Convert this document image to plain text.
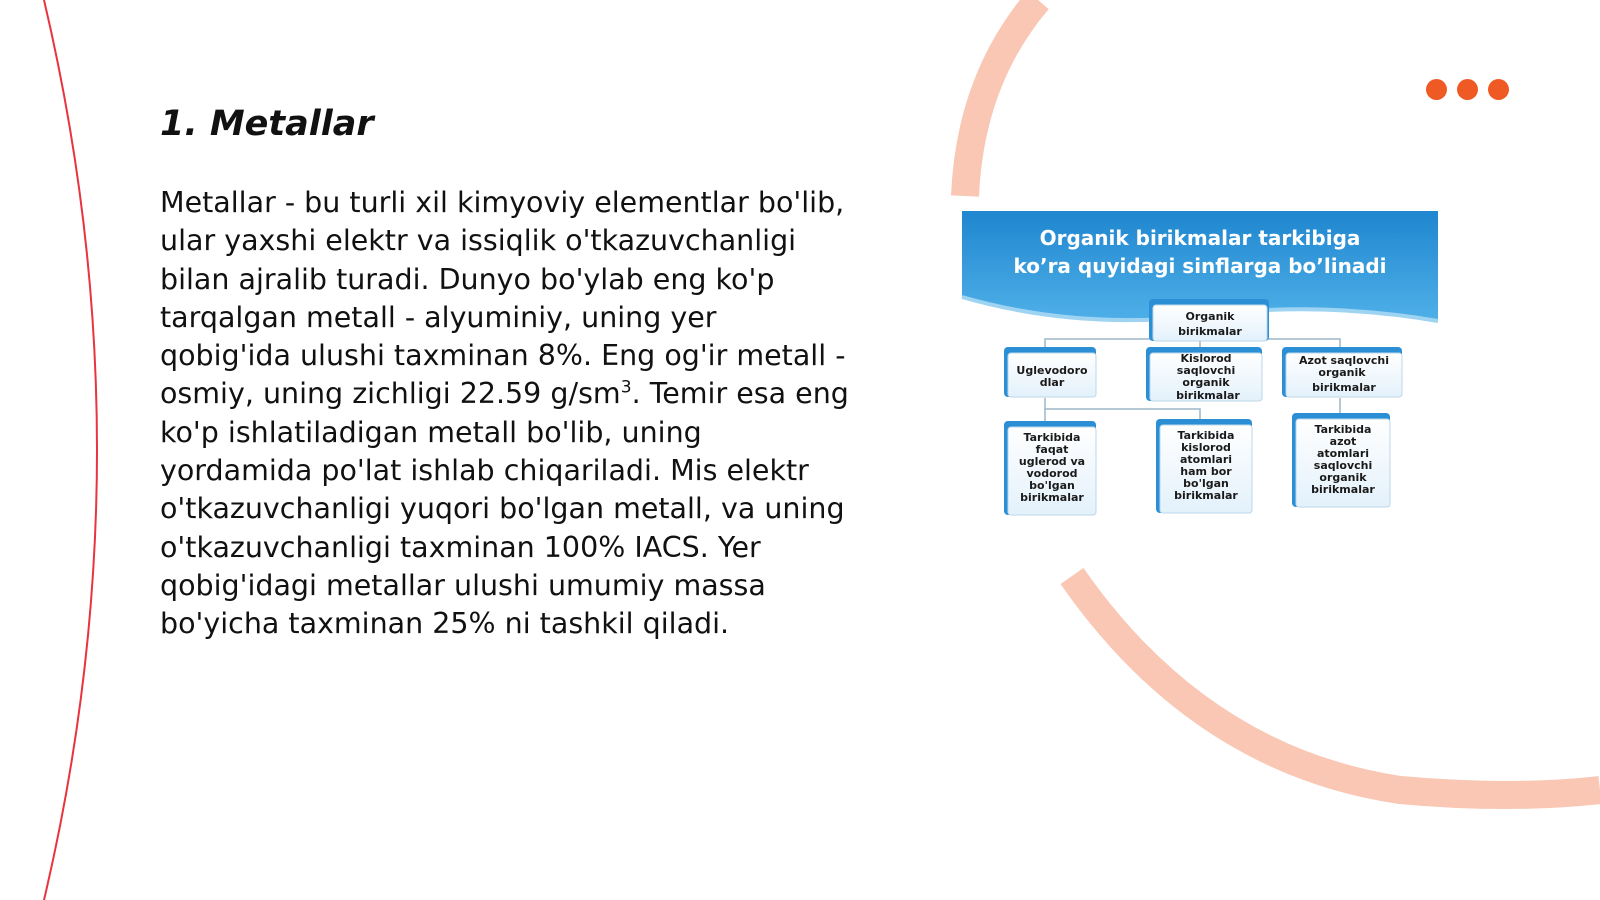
1. Metallar

Metallar - bu turli xil kimyoviy elementlar bo'lib, ular yaxshi elektr va issiqlik o'tkazuvchanligi bilan ajralib turadi. Dunyo bo'ylab eng ko'p tarqalgan metall - alyuminiy, uning yer qobig'ida ulushi taxminan 8%. Eng og'ir metall - osmiy, uning zichligi 22.59 $g/sm^3$. Temir esa eng ko'p ishlatiladigan metall bo'lib, uning yordamida po'lat ishlab chiqariladi. Mis elektr o'tkazuvchanligi yuqori bo'lgan metall, va uning o'tkazuvchanligi taxminan 100% IACS. Yer qobig'idagi metallar ulushi umumiy massa bo'yicha taxminan 25% ni tashkil qiladi.

Organik birikmalar tarkibiga
ko’ra quyidagi sinflarga bo’linadi
Organik
birikmalar
Uglevodoro
dlar
Kislorod
saqlovchi
organik
birikmalar
Azot saqlovchi
organik
birikmalar
Tarkibida
faqat
uglerod va
vodorod
bo'lgan
birikmalar
Tarkibida
kislorod
atomlari
ham bor
bo'lgan
birikmalar
Tarkibida
azot
atomlari
saqlovchi
organik
birikmalar
